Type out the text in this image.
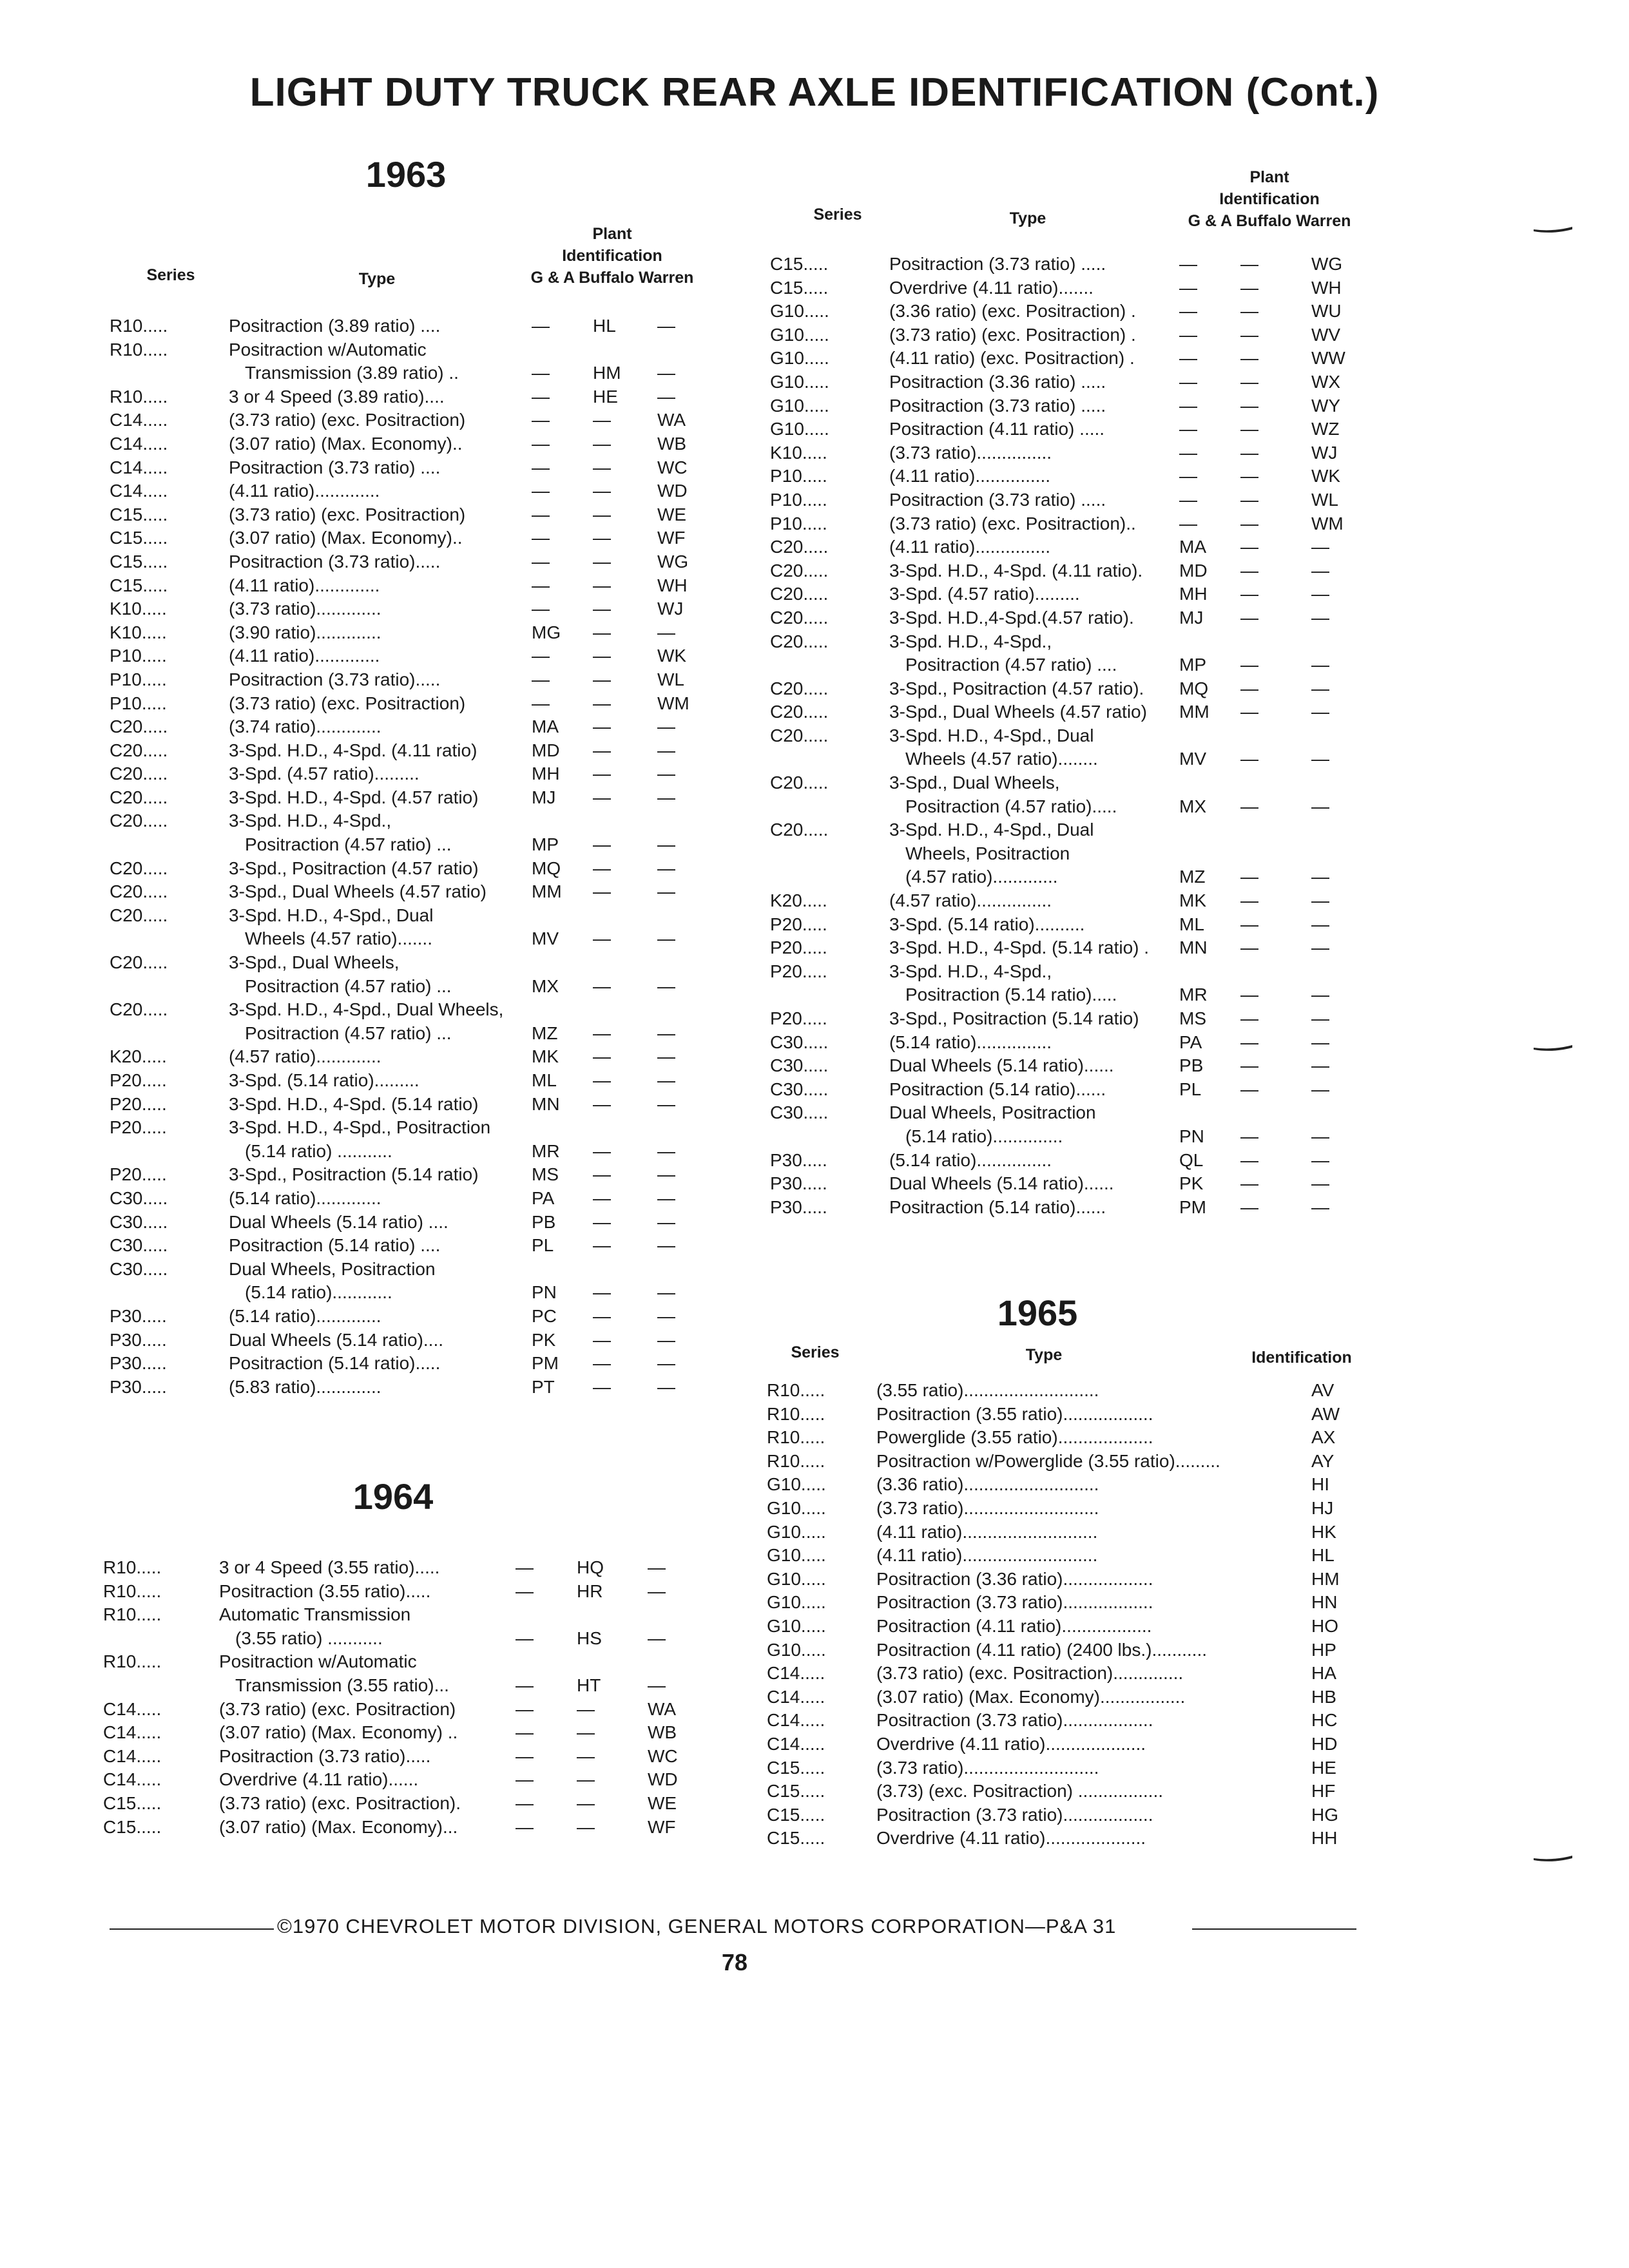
LIGHT DUTY TRUCK REAR AXLE IDENTIFICATION (Cont.)
1963
Series	Type
Plant
Identification
G & A Buffalo Warren
Series	Type
Plant
Identification
G & A Buffalo Warren
R10.....	Positraction (3.89 ratio) ....	— HL —
R10.....	Positraction w/Automatic
Transmission (3.89 ratio) ..	— HM —
R10.....	3 or 4 Speed (3.89 ratio)....	— HE —
C14.....	(3.73 ratio) (exc. Positraction)	— —	WA
C14.....	(3.07 ratio) (Max. Economy)..	— —	WB
C14.....	Positraction (3.73 ratio) ....	— —	WC
C14.....	(4.11 ratio).............	— —	WD
C15.....	(3.73 ratio) (exc. Positraction)	— —	WE
C15.....	(3.07 ratio) (Max. Economy)..	— —	WF
C15.....	Positraction (3.73 ratio).....	— —	WG
C15.....	(4.11 ratio).............	— —	WH
K10.....	(3.73 ratio).............	— —	WJ
K10.....	(3.90 ratio).............	MG —	—
P10.....	(4.11 ratio).............	— —	WK
P10.....	Positraction (3.73 ratio).....	— —	WL
P10.....	(3.73 ratio) (exc. Positraction)	— —	WM
C20.....	(3.74 ratio).............	MA —	—
C20.....	3-Spd. H.D., 4-Spd. (4.11 ratio)	MD —	—
C20.....	3-Spd. (4.57 ratio).........	MH —	—
C20.....	3-Spd. H.D., 4-Spd. (4.57 ratio)	MJ —	—
C20.....	3-Spd. H.D., 4-Spd.,
Positraction (4.57 ratio) ...	MP —	—
C20.....	3-Spd., Positraction (4.57 ratio)	MQ —	—
C20.....	3-Spd., Dual Wheels (4.57 ratio)	MM —	—
C20.....	3-Spd. H.D., 4-Spd., Dual
Wheels (4.57 ratio).......	MV —	—
C20.....	3-Spd., Dual Wheels,
Positraction (4.57 ratio) ...	MX —	—
C20.....	3-Spd. H.D., 4-Spd., Dual Wheels,
Positraction (4.57 ratio) ...	MZ —	—
K20.....	(4.57 ratio).............	MK —	—
P20.....	3-Spd. (5.14 ratio).........	ML —	—
P20.....	3-Spd. H.D., 4-Spd. (5.14 ratio)	MN —	—
P20.....	3-Spd. H.D., 4-Spd., Positraction
(5.14 ratio) ...........	MR —	—
P20.....	3-Spd., Positraction (5.14 ratio)	MS —	—
C30.....	(5.14 ratio).............	PA —	—
C30.....	Dual Wheels (5.14 ratio) ....	PB —	—
C30.....	Positraction (5.14 ratio) ....	PL —	—
C30.....	Dual Wheels, Positraction
(5.14 ratio)............	PN —	—
P30.....	(5.14 ratio).............	PC —	—
P30.....	Dual Wheels (5.14 ratio)....	PK —	—
P30.....	Positraction (5.14 ratio).....	PM —	—
P30.....	(5.83 ratio).............	PT —	—
1964
R10.....	3 or 4 Speed (3.55 ratio).....	— HQ —
R10.....	Positraction (3.55 ratio).....	— HR —
R10.....	Automatic Transmission
(3.55 ratio) ...........	— HS	—
R10.....	Positraction w/Automatic
Transmission (3.55 ratio)...	— HT	—
C14.....	(3.73 ratio) (exc. Positraction)	— —	WA
C14.....	(3.07 ratio) (Max. Economy) ..	— —	WB
C14.....	Positraction (3.73 ratio).....	— —	WC
C14.....	Overdrive (4.11 ratio)......	— —	WD
C15.....	(3.73 ratio) (exc. Positraction).	— —	WE
C15.....	(3.07 ratio) (Max. Economy)...	— —	WF
C15.....	Positraction (3.73 ratio) .....	— —	WG
C15.....	Overdrive (4.11 ratio).......	— —	WH
G10.....	(3.36 ratio) (exc. Positraction) . — —	WU
G10.....	(3.73 ratio) (exc. Positraction) . — —	WV
G10.....	(4.11 ratio) (exc. Positraction) . — —	WW
G10.....	Positraction (3.36 ratio) .....	— —	WX
G10.....	Positraction (3.73 ratio) .....	— —	WY
G10.....	Positraction (4.11 ratio) .....	— —	WZ
K10.....	(3.73 ratio)...............	— —	WJ
P10.....	(4.11 ratio)...............	— —	WK
P10.....	Positraction (3.73 ratio) .....	— —	WL
P10.....	(3.73 ratio) (exc. Positraction).. — —	WM
C20.....	(4.11 ratio)...............	MA —	—
C20.....	3-Spd. H.D., 4-Spd. (4.11 ratio). MD —	—
C20.....	3-Spd. (4.57 ratio).........	MH —	—
C20.....	3-Spd. H.D.,4-Spd.(4.57 ratio).	MJ —	—
C20.....	3-Spd. H.D., 4-Spd.,
Positraction (4.57 ratio) ....	MP —	—
C20.....	3-Spd., Positraction (4.57 ratio). MQ —	—
C20.....	3-Spd., Dual Wheels (4.57 ratio) MM —	—
C20.....	3-Spd. H.D., 4-Spd., Dual
Wheels (4.57 ratio)........	MV —	—
C20.....	3-Spd., Dual Wheels,
Positraction (4.57 ratio).....	MX —	—
C20.....	3-Spd. H.D., 4-Spd., Dual
Wheels, Positraction
(4.57 ratio).............	MZ —	—
K20.....	(4.57 ratio)...............	MK —	—
P20.....	3-Spd. (5.14 ratio)..........	ML —	—
P20.....	3-Spd. H.D., 4-Spd. (5.14 ratio) . MN —	—
P20.....	3-Spd. H.D., 4-Spd.,
Positraction (5.14 ratio).....	MR —	—
P20.....	3-Spd., Positraction (5.14 ratio) MS —	—
C30.....	(5.14 ratio)...............	PA —	—
C30.....	Dual Wheels (5.14 ratio)......	PB —	—
C30.....	Positraction (5.14 ratio)......	PL —	—
C30.....	Dual Wheels, Positraction
(5.14 ratio)..............	PN —	—
P30.....	(5.14 ratio)...............	QL —	—
P30.....	Dual Wheels (5.14 ratio)......	PK —	—
P30.....	Positraction (5.14 ratio)......	PM —	—
1965
Series	Type	Identification
R10.....	(3.55 ratio)...........................	AV
R10.....	Positraction (3.55 ratio)..................	AW
R10.....	Powerglide (3.55 ratio)...................	AX
R10.....	Positraction w/Powerglide (3.55 ratio).........	AY
G10.....	(3.36 ratio)...........................	HI
G10.....	(3.73 ratio)...........................	HJ
G10.....	(4.11 ratio)...........................	HK
G10.....	(4.11 ratio)...........................	HL
G10.....	Positraction (3.36 ratio)..................	HM
G10.....	Positraction (3.73 ratio)..................	HN
G10.....	Positraction (4.11 ratio)..................	HO
G10.....	Positraction (4.11 ratio) (2400 lbs.)...........	HP
C14.....	(3.73 ratio) (exc. Positraction)..............	HA
C14.....	(3.07 ratio) (Max. Economy).................	HB
C14.....	Positraction (3.73 ratio)..................	HC
C14.....	Overdrive (4.11 ratio)....................	HD
C15.....	(3.73 ratio)...........................	HE
C15.....	(3.73) (exc. Positraction) .................	HF
C15.....	Positraction (3.73 ratio)..................	HG
C15.....	Overdrive (4.11 ratio)....................	HH
©1970 CHEVROLET MOTOR DIVISION, GENERAL MOTORS CORPORATION—P&A 31
78
